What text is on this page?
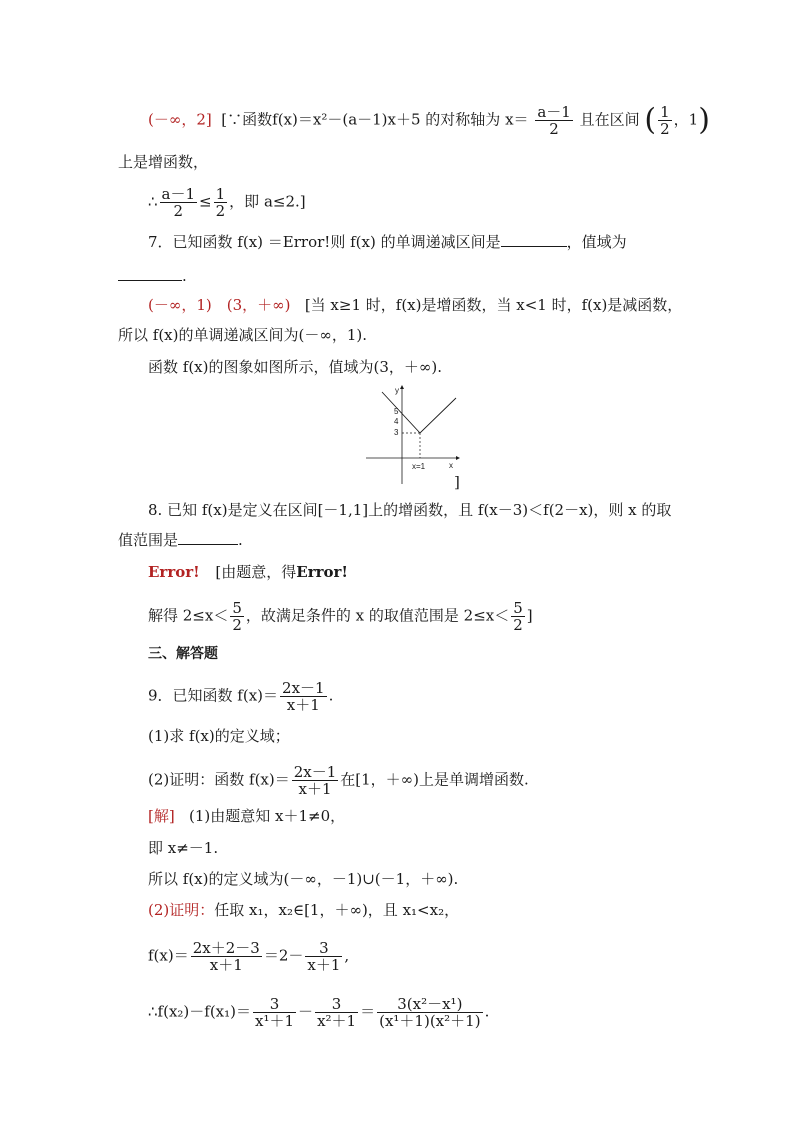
(－∞，2] [∵函数f(x)＝x²－(a－1)x＋5 的对称轴为 $x= \frac{a-1}{2}$ 且在区间 ( $\frac{1}{2}$ ，1)
上是增函数，
∴ $\frac{a-1}{2} \le \frac{1}{2}$ ，即 a≤2.]
7．已知函数 f(x) ＝Error!则 f(x) 的单调递减区间是	，值域为
.
(－∞，1)　(3，＋∞) [当 x≥1 时，f(x)是增函数，当 x<1 时，f(x)是减函数，
所以 f(x)的单调递减区间为(－∞，1).
函数 f(x)的图象如图所示，值域为(3，＋∞).
y
x
5
4
3
x=1
]
8. 已知 f(x)是定义在区间[－1,1]上的增函数，且 f(x－3)＜f(2－x)，则 x 的取
值范围是	.
Error! [由题意，得Error!
解得 $2\le x< \frac{5}{2}$ ，故满足条件的 x 的取值范围是 $2\le x< \frac{5}{2}$ ]
三、解答题
9．已知函数 $f(x)= \frac{2x-1}{x+1}$ .
(1)求 f(x)的定义域；
(2)证明：函数 $f(x)= \frac{2x-1}{x+1}$ 在[1，＋∞)上是单调增函数.
[解] (1)由题意知 x＋1≠0，
即 x≠－1.
所以 f(x)的定义域为(－∞，－1)∪(－1，＋∞).
(2)证明：任取 x₁，x₂∈[1，＋∞)，且 x₁<x₂，
$f(x)= \frac{2x+2-3}{x+1} =2- \frac{3}{x+1}$ ,
∴f(x₂)－f(x₁)＝ $\frac{3}{\text{x¹＋1}} - \frac{3}{\text{x²＋1}} = \frac{\text{3(x²－x¹)}}{\text{(x¹＋1)(x²＋1)}}$ .
